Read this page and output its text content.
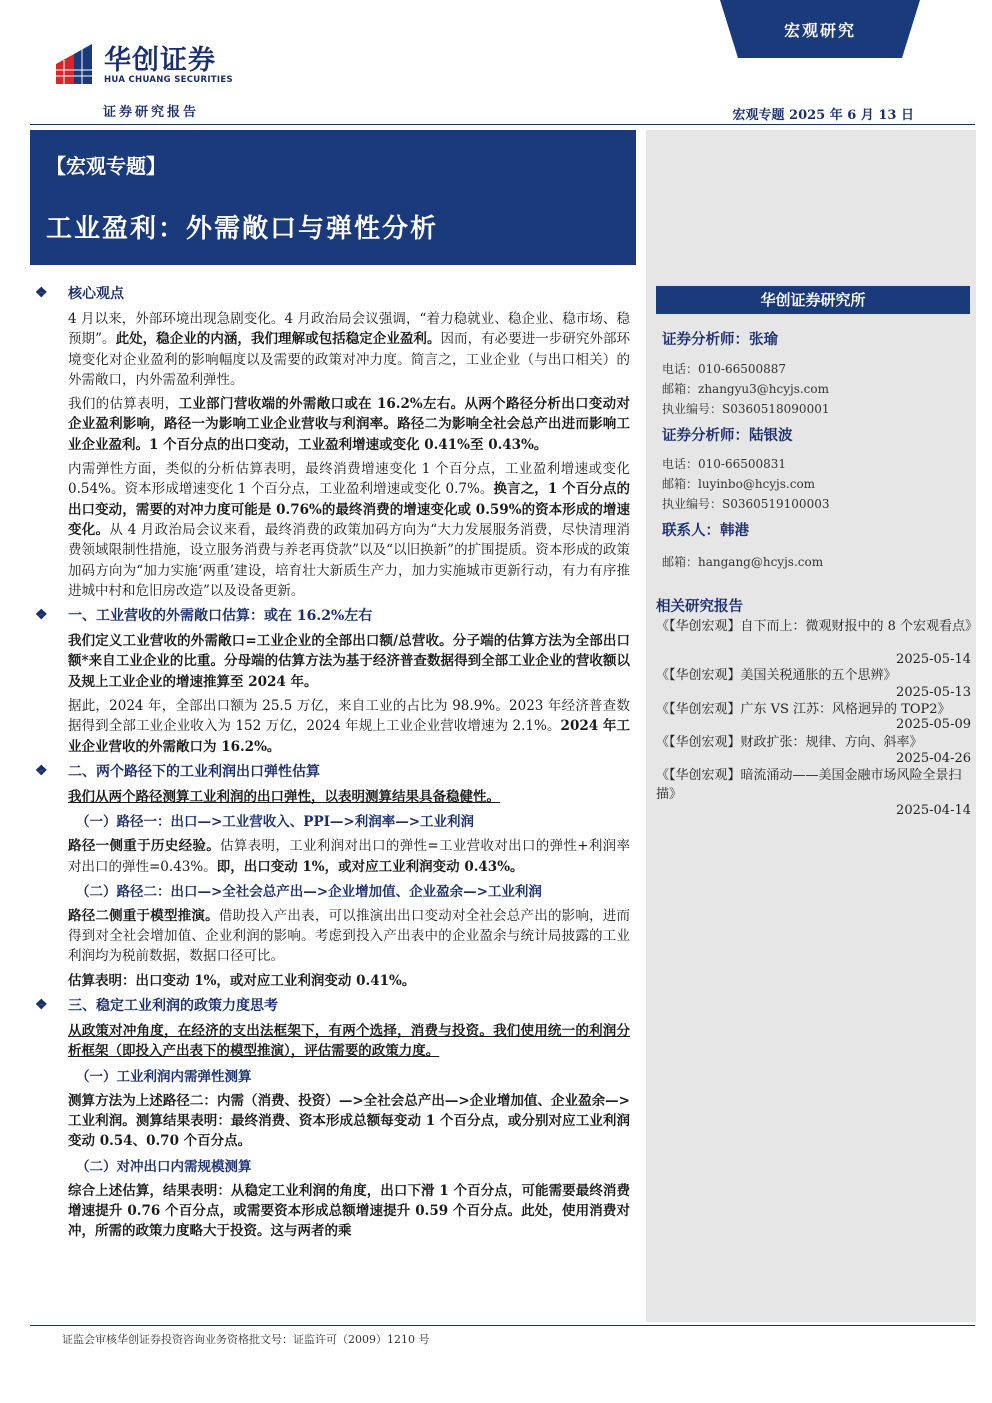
华创证券
HUA CHUANG SECURITIES
证券研究报告
宏观研究
宏观专题 2025 年 6 月 13 日
【宏观专题】
工业盈利：外需敞口与弹性分析
华创证券研究所
证券分析师：张瑜
电话：010-66500887
邮箱：zhangyu3@hcyjs.com
执业编号：S0360518090001
证券分析师：陆银波
电话：010-66500831
邮箱：luyinbo@hcyjs.com
执业编号：S0360519100003
联系人：韩港
邮箱：hangang@hcyjs.com
相关研究报告
《【华创宏观】自下而上：微观财报中的 8 个宏观看点》
2025-05-14
《【华创宏观】美国关税通胀的五个思辨》
2025-05-13
《【华创宏观】广东 VS 江苏：风格迥异的 TOP2》
2025-05-09
《【华创宏观】财政扩张：规律、方向、斜率》
2025-04-26
《【华创宏观】暗流涌动——美国金融市场风险全景扫描》
2025-04-14
❖ 核心观点
4 月以来，外部环境出现急剧变化。4 月政治局会议强调，“着力稳就业、稳企业、稳市场、稳预期”。此处，稳企业的内涵，我们理解或包括稳定企业盈利。因而，有必要进一步研究外部环境变化对企业盈利的影响幅度以及需要的政策对冲力度。简言之，工业企业（与出口相关）的外需敞口，内外需盈利弹性。
我们的估算表明，工业部门营收端的外需敞口或在 16.2%左右。从两个路径分析出口变动对企业盈利影响，路径一为影响工业企业营收与利润率。路径二为影响全社会总产出进而影响工业企业盈利。1 个百分点的出口变动，工业盈利增速或变化 0.41%至 0.43%。
内需弹性方面，类似的分析估算表明，最终消费增速变化 1 个百分点，工业盈利增速或变化 0.54%。资本形成增速变化 1 个百分点，工业盈利增速或变化 0.7%。换言之，1 个百分点的出口变动，需要的对冲力度可能是 0.76%的最终消费的增速变化或 0.59%的资本形成的增速变化。从 4 月政治局会议来看，最终消费的政策加码方向为“大力发展服务消费，尽快清理消费领域限制性措施，设立服务消费与养老再贷款”以及“以旧换新”的扩围提质。资本形成的政策加码方向为“加力实施‘两重’建设，培育壮大新质生产力，加力实施城市更新行动，有力有序推进城中村和危旧房改造”以及设备更新。
❖ 一、工业营收的外需敞口估算：或在 16.2%左右
我们定义工业营收的外需敞口=工业企业的全部出口额/总营收。分子端的估算方法为全部出口额*来自工业企业的比重。分母端的估算方法为基于经济普查数据得到全部工业企业的营收额以及规上工业企业的增速推算至 2024 年。
据此，2024 年，全部出口额为 25.5 万亿，来自工业的占比为 98.9%。2023 年经济普查数据得到全部工业企业收入为 152 万亿，2024 年规上工业企业营收增速为 2.1%。2024 年工业企业营收的外需敞口为 16.2%。
❖ 二、两个路径下的工业利润出口弹性估算
我们从两个路径测算工业利润的出口弹性，以表明测算结果具备稳健性。
（一）路径一：出口—>工业营收入、PPI—>利润率—>工业利润
路径一侧重于历史经验。估算表明，工业利润对出口的弹性=工业营收对出口的弹性+利润率对出口的弹性=0.43%。即，出口变动 1%，或对应工业利润变动 0.43%。
（二）路径二：出口—>全社会总产出—>企业增加值、企业盈余—>工业利润
路径二侧重于模型推演。借助投入产出表，可以推演出出口变动对全社会总产出的影响，进而得到对全社会增加值、企业利润的影响。考虑到投入产出表中的企业盈余与统计局披露的工业利润均为税前数据，数据口径可比。
估算表明：出口变动 1%，或对应工业利润变动 0.41%。
❖ 三、稳定工业利润的政策力度思考
从政策对冲角度，在经济的支出法框架下，有两个选择，消费与投资。我们使用统一的利润分析框架（即投入产出表下的模型推演），评估需要的政策力度。
（一）工业利润内需弹性测算
测算方法为上述路径二：内需（消费、投资）—>全社会总产出—>企业增加值、企业盈余—>工业利润。测算结果表明：最终消费、资本形成总额每变动 1 个百分点，或分别对应工业利润变动 0.54、0.70 个百分点。
（二）对冲出口内需规模测算
综合上述估算，结果表明：从稳定工业利润的角度，出口下滑 1 个百分点，可能需要最终消费增速提升 0.76 个百分点，或需要资本形成总额增速提升 0.59 个百分点。此处，使用消费对冲，所需的政策力度略大于投资。这与两者的乘
证监会审核华创证券投资咨询业务资格批文号：证监许可（2009）1210 号
